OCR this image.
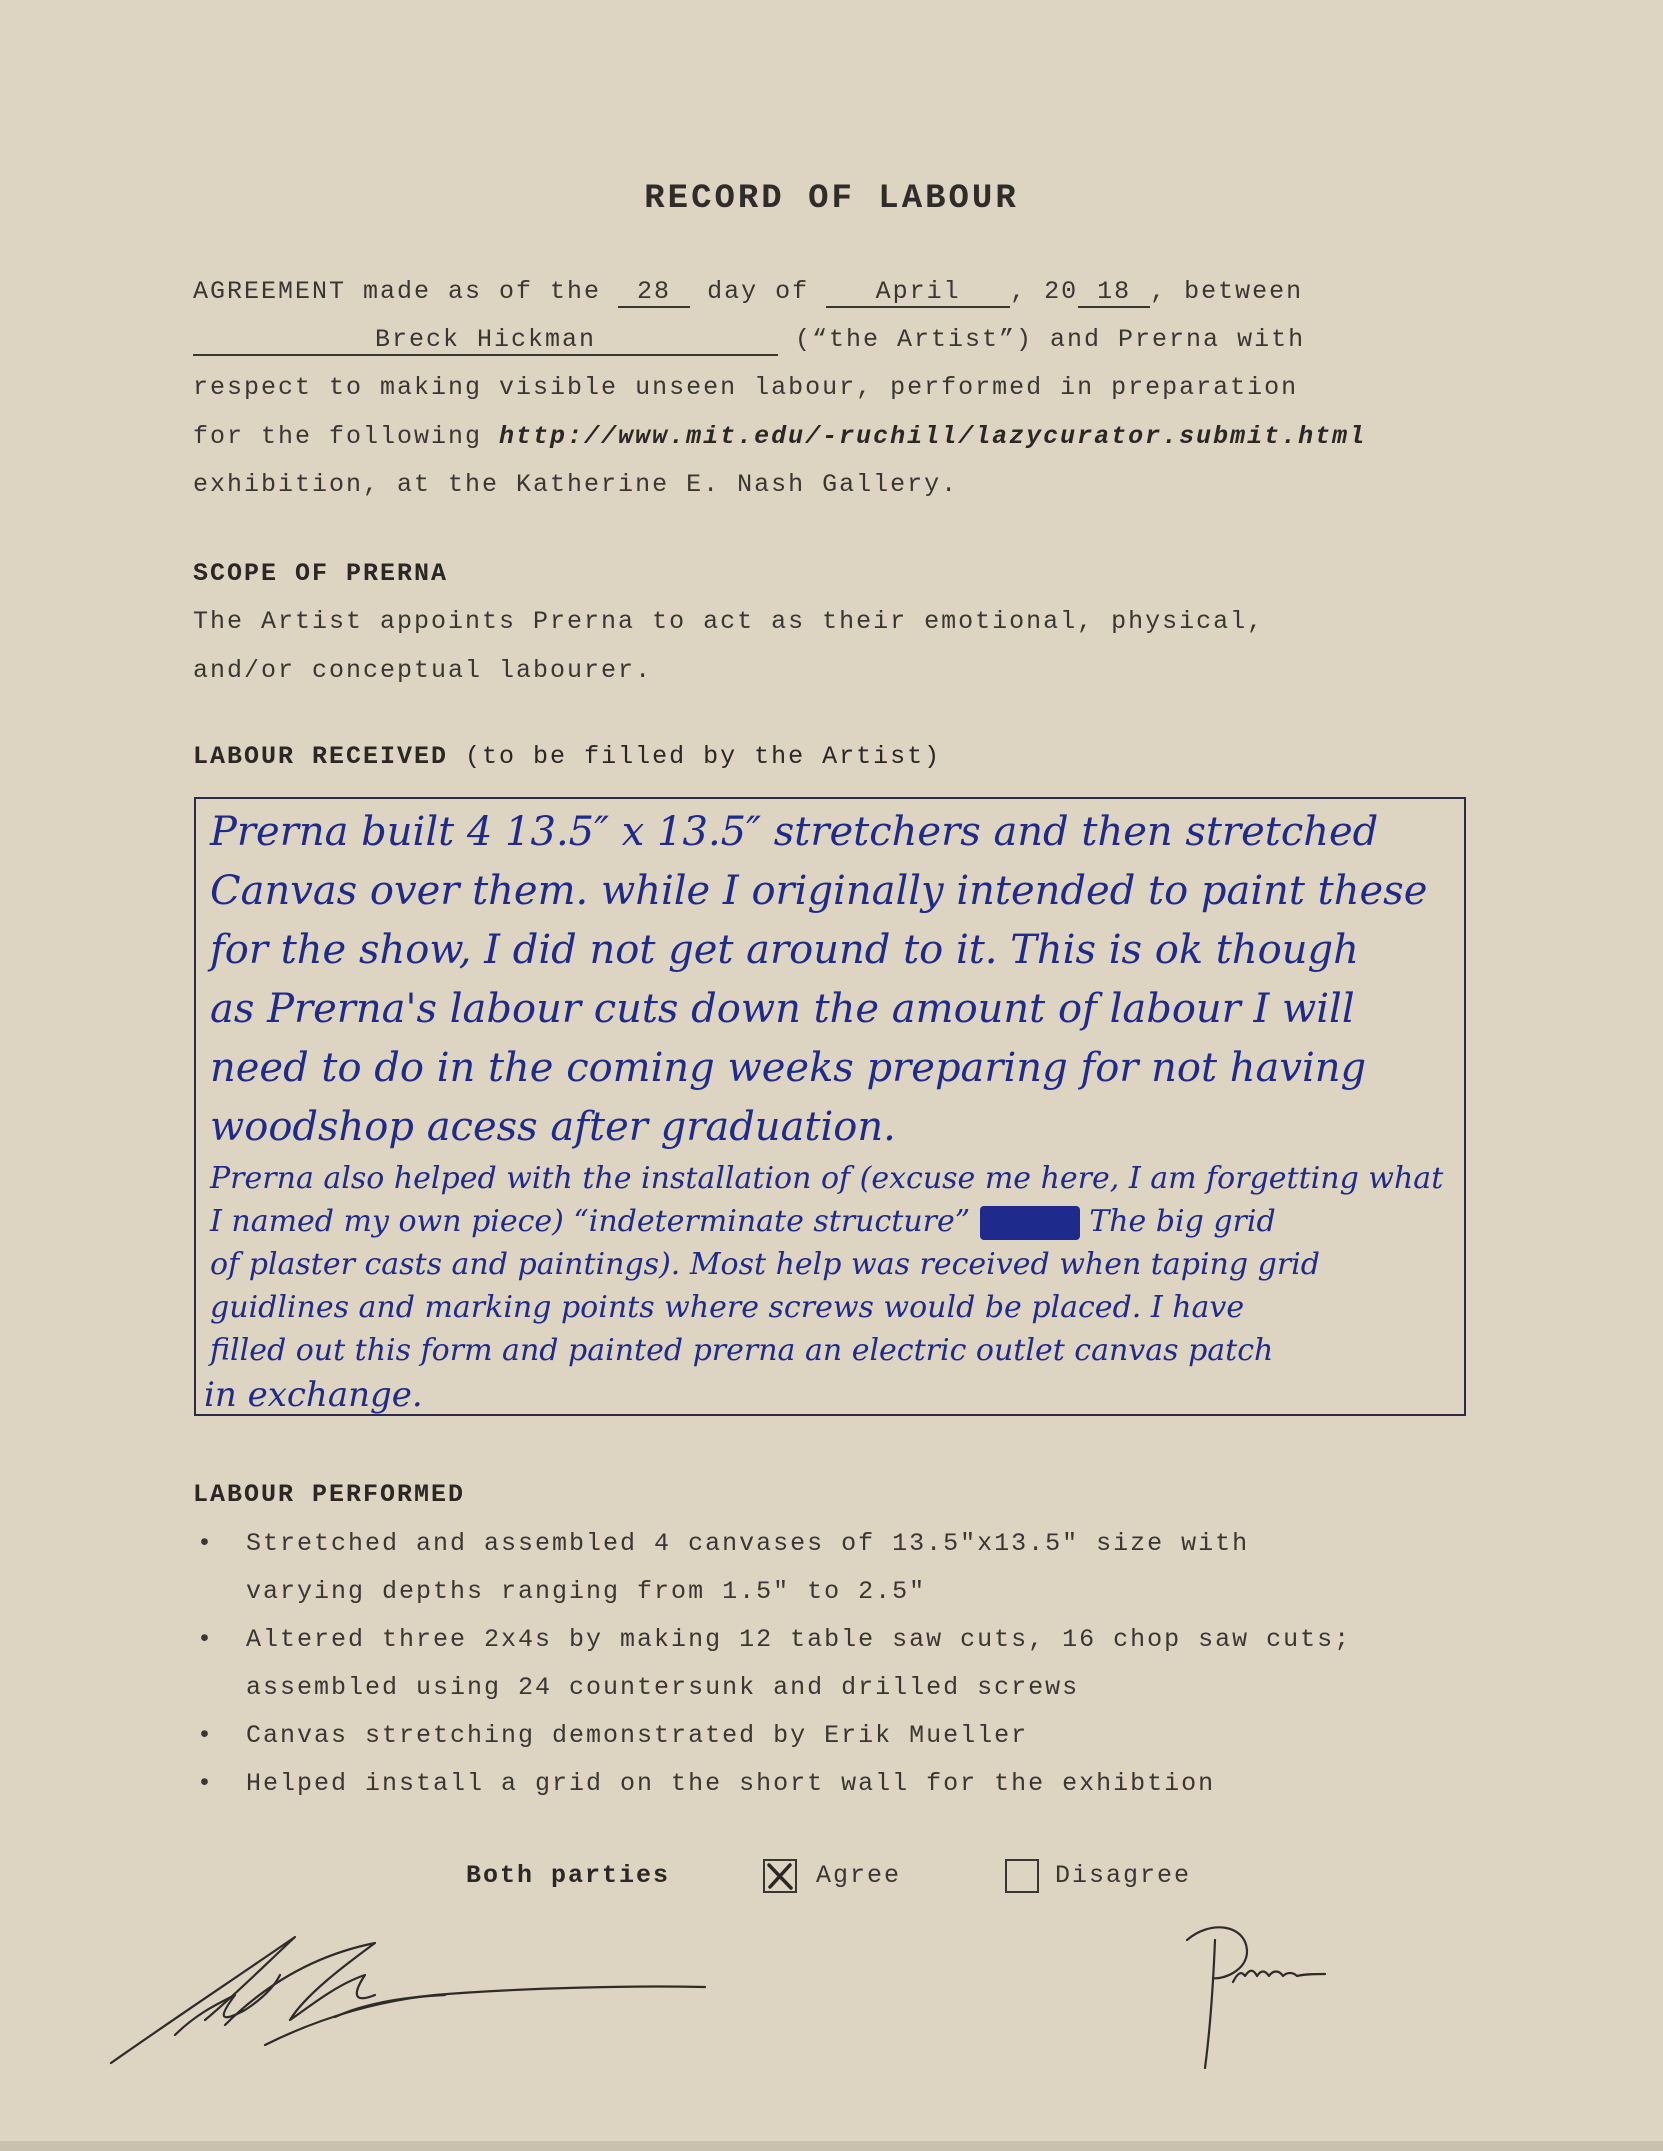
RECORD OF LABOUR
AGREEMENT made as of the 28 day of April , 20 18 , between
Breck Hickman	(“the Artist”) and Prerna with
respect to making visible unseen labour, performed in preparation
for the following http://www.mit.edu/-ruchill/lazycurator.submit.html
exhibition, at the Katherine E. Nash Gallery.
SCOPE OF PRERNA
The Artist appoints Prerna to act as their emotional, physical,
and/or conceptual labourer.
LABOUR RECEIVED (to be filled by the Artist)
Prerna built 4 13.5″ x 13.5″ stretchers and then stretched
Canvas over them. while I originally intended to paint these
for the show, I did not get around to it. This is ok though
as Prerna's labour cuts down the amount of labour I will
need to do in the coming weeks preparing for not having
woodshop acess after graduation.
Prerna also helped with the installation of (excuse me here, I am forgetting what
I named my own piece) “indeterminate structure”	The big grid
of plaster casts and paintings). Most help was received when taping grid
guidlines and marking points where screws would be placed. I have
filled out this form and painted prerna an electric outlet canvas patch
in exchange.
LABOUR PERFORMED
• Stretched and assembled 4 canvases of 13.5″x13.5″ size with
varying depths ranging from 1.5″ to 2.5″
• Altered three 2x4s by making 12 table saw cuts, 16 chop saw cuts;
assembled using 24 countersunk and drilled screws
• Canvas stretching demonstrated by Erik Mueller
• Helped install a grid on the short wall for the exhibtion
Both parties	Agree	Disagree
